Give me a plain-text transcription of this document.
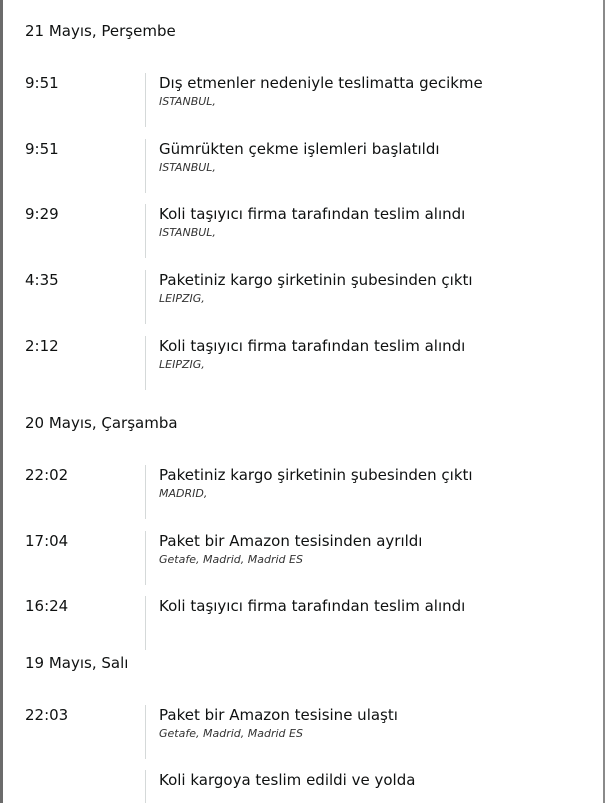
21 Mayıs, Perşembe
9:51	Dış etmenler nedeniyle teslimatta gecikme
ISTANBUL,
9:51	Gümrükten çekme işlemleri başlatıldı
ISTANBUL,
9:29	Koli taşıyıcı firma tarafından teslim alındı
ISTANBUL,
4:35	Paketiniz kargo şirketinin şubesinden çıktı
LEIPZIG,
2:12	Koli taşıyıcı firma tarafından teslim alındı
LEIPZIG,
20 Mayıs, Çarşamba
22:02	Paketiniz kargo şirketinin şubesinden çıktı
MADRID,
17:04	Paket bir Amazon tesisinden ayrıldı
Getafe, Madrid, Madrid ES
16:24	Koli taşıyıcı firma tarafından teslim alındı
19 Mayıs, Salı
22:03	Paket bir Amazon tesisine ulaştı
Getafe, Madrid, Madrid ES
Koli kargoya teslim edildi ve yolda
